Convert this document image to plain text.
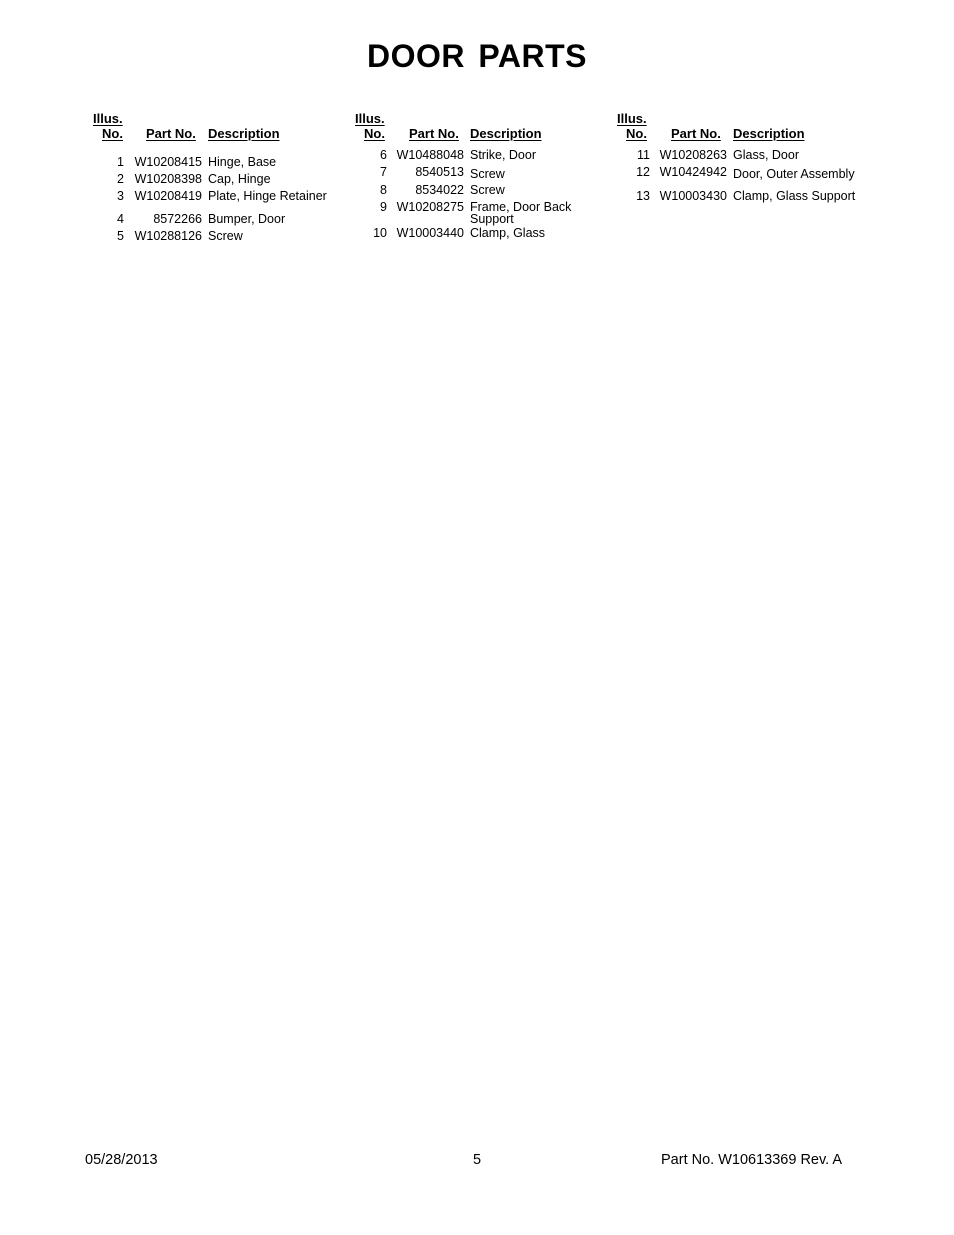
DOOR PARTS
Illus.
No. Part No. Description
1 W10208415 Hinge, Base
2 W10208398 Cap, Hinge
3 W10208419 Plate, Hinge Retainer
4 8572266 Bumper, Door
5 W10288126 Screw
Illus.
No. Part No. Description
6 W10488048 Strike, Door
7 8540513 Screw
8 8534022 Screw
9 W10208275 Frame, Door Back Support
10 W10003440 Clamp, Glass
Illus.
No. Part No. Description
11 W10208263 Glass, Door
12 W10424942 Door, Outer Assembly
13 W10003430 Clamp, Glass Support
05/28/2013	5	Part No. W10613369 Rev. A
